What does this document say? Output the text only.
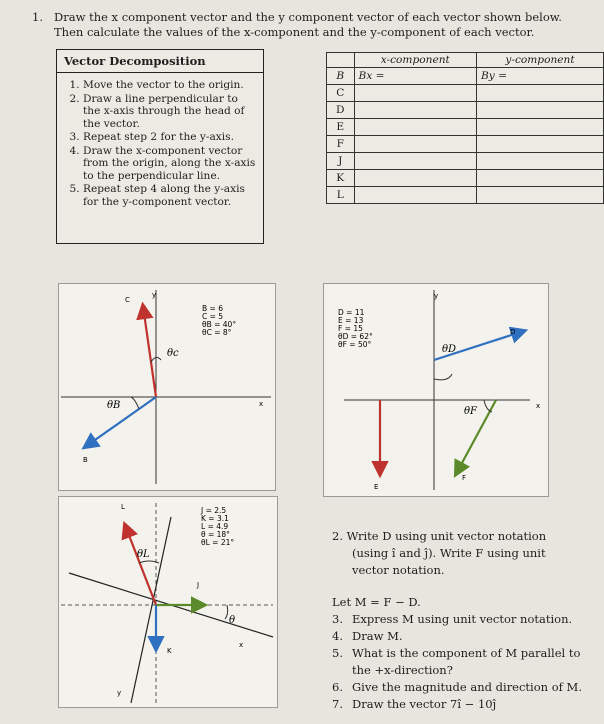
1. Draw the x component vector and the y component vector of each vector shown below.
Then calculate the values of the x-component and the y-component of each vector.
Vector Decomposition
1. Move the vector to the origin.
2. Draw a line perpendicular to the x-axis through the head of the vector.
3. Repeat step 2 for the y-axis.
4. Draw the x-component vector from the origin, along the x-axis to the perpendicular line.
5. Repeat step 4 along the y-axis for the y-component vector.
	x-component	y-component
B	Bx =	By =
C		
D		
E		
F		
J		
K		
L		
C
y
x
B
θB
θc
B = 6
C = 5
θB = 40°
θC = 8°
y
x
D
E
F
θD
θF
D = 11
E = 13
F = 15
θD = 62°
θF = 50°
L
J
K
x
y
θL
θ
J = 2.5
K = 3.1
L = 4.9
θ = 18°
θL = 21°	2. Write D using unit vector notation
(using î and ĵ). Write F using unit
vector notation.
Let M = F − D.
3. Express M using unit vector notation.
4. Draw M.
5. What is the component of M parallel to the +x-direction?
6. Give the magnitude and direction of M.
7. Draw the vector 7î − 10ĵ
